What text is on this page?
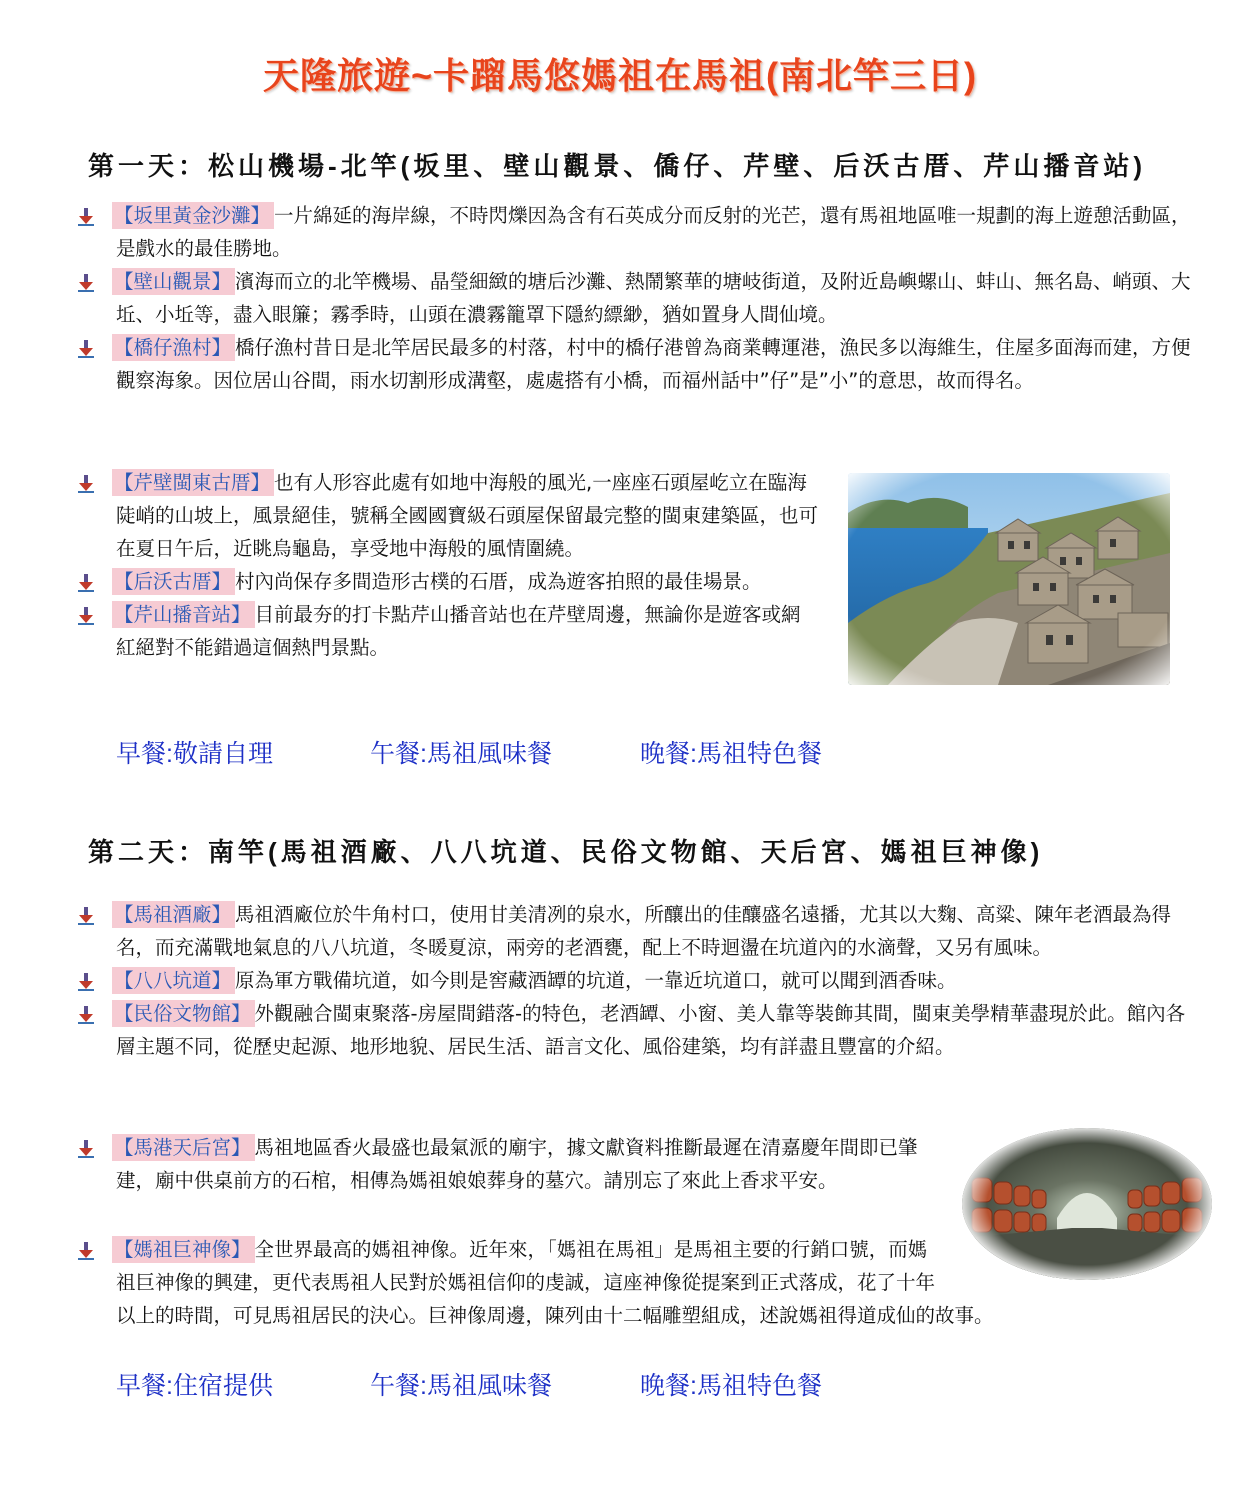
天隆旅遊~卡蹓馬悠媽祖在馬祖(南北竿三日)
第一天：松山機場-北竿(坂里、壁山觀景、僑仔、芹壁、后沃古厝、芹山播音站)

【坂里黃金沙灘】 一片綿延的海岸線，不時閃爍因為含有石英成分而反射的光芒，還有馬祖地區唯一規劃的海上遊憩活動區，是戲水的最佳勝地。

【壁山觀景】 濱海而立的北竿機場、晶瑩細緻的塘后沙灘、熱鬧繁華的塘岐街道，及附近島嶼螺山、蚌山、無名島、峭頭、大坵、小坵等，盡入眼簾；霧季時，山頭在濃霧籠罩下隱約縹緲，猶如置身人間仙境。

【橋仔漁村】 橋仔漁村昔日是北竿居民最多的村落，村中的橋仔港曾為商業轉運港，漁民多以海維生，住屋多面海而建，方便觀察海象。因位居山谷間，雨水切割形成溝壑，處處搭有小橋，而福州話中”仔”是”小”的意思，故而得名。

【芹壁閩東古厝】 也有人形容此處有如地中海般的風光,一座座石頭屋屹立在臨海陡峭的山坡上，風景絕佳，號稱全國國寶級石頭屋保留最完整的閩東建築區，也可在夏日午后，近眺烏龜島，享受地中海般的風情圍繞。

【后沃古厝】 村內尚保存多間造形古樸的石厝，成為遊客拍照的最佳場景。

【芹山播音站】 目前最夯的打卡點芹山播音站也在芹壁周邊，無論你是遊客或網紅絕對不能錯過這個熱門景點。

早餐:敬請自理	午餐:馬祖風味餐	晚餐:馬祖特色餐
第二天：南竿(馬祖酒廠、八八坑道、民俗文物館、天后宮、媽祖巨神像)

【馬祖酒廠】 馬祖酒廠位於牛角村口，使用甘美清冽的泉水，所釀出的佳釀盛名遠播，尤其以大麴、高粱、陳年老酒最為得名，而充滿戰地氣息的八八坑道，冬暖夏涼，兩旁的老酒甕，配上不時迴盪在坑道內的水滴聲，又另有風味。

【八八坑道】 原為軍方戰備坑道，如今則是窖藏酒罈的坑道，一靠近坑道口，就可以聞到酒香味。

【民俗文物館】 外觀融合閩東聚落-房屋間錯落-的特色，老酒罈、小窗、美人靠等裝飾其間，閩東美學精華盡現於此。館內各層主題不同，從歷史起源、地形地貌、居民生活、語言文化、風俗建築，均有詳盡且豐富的介紹。

【馬港天后宮】 馬祖地區香火最盛也最氣派的廟宇，據文獻資料推斷最遲在清嘉慶年間即已肇建，廟中供桌前方的石棺，相傳為媽祖娘娘葬身的墓穴。請別忘了來此上香求平安。

【媽祖巨神像】 全世界最高的媽祖神像。近年來，「媽祖在馬祖」是馬祖主要的行銷口號，而媽祖巨神像的興建，更代表馬祖人民對於媽祖信仰的虔誠，這座神像從提案到正式落成，花了十年以上的時間，可見馬祖居民的決心。巨神像周邊，陳列由十二幅雕塑組成，述說媽祖得道成仙的故事。

早餐:住宿提供	午餐:馬祖風味餐	晚餐:馬祖特色餐
